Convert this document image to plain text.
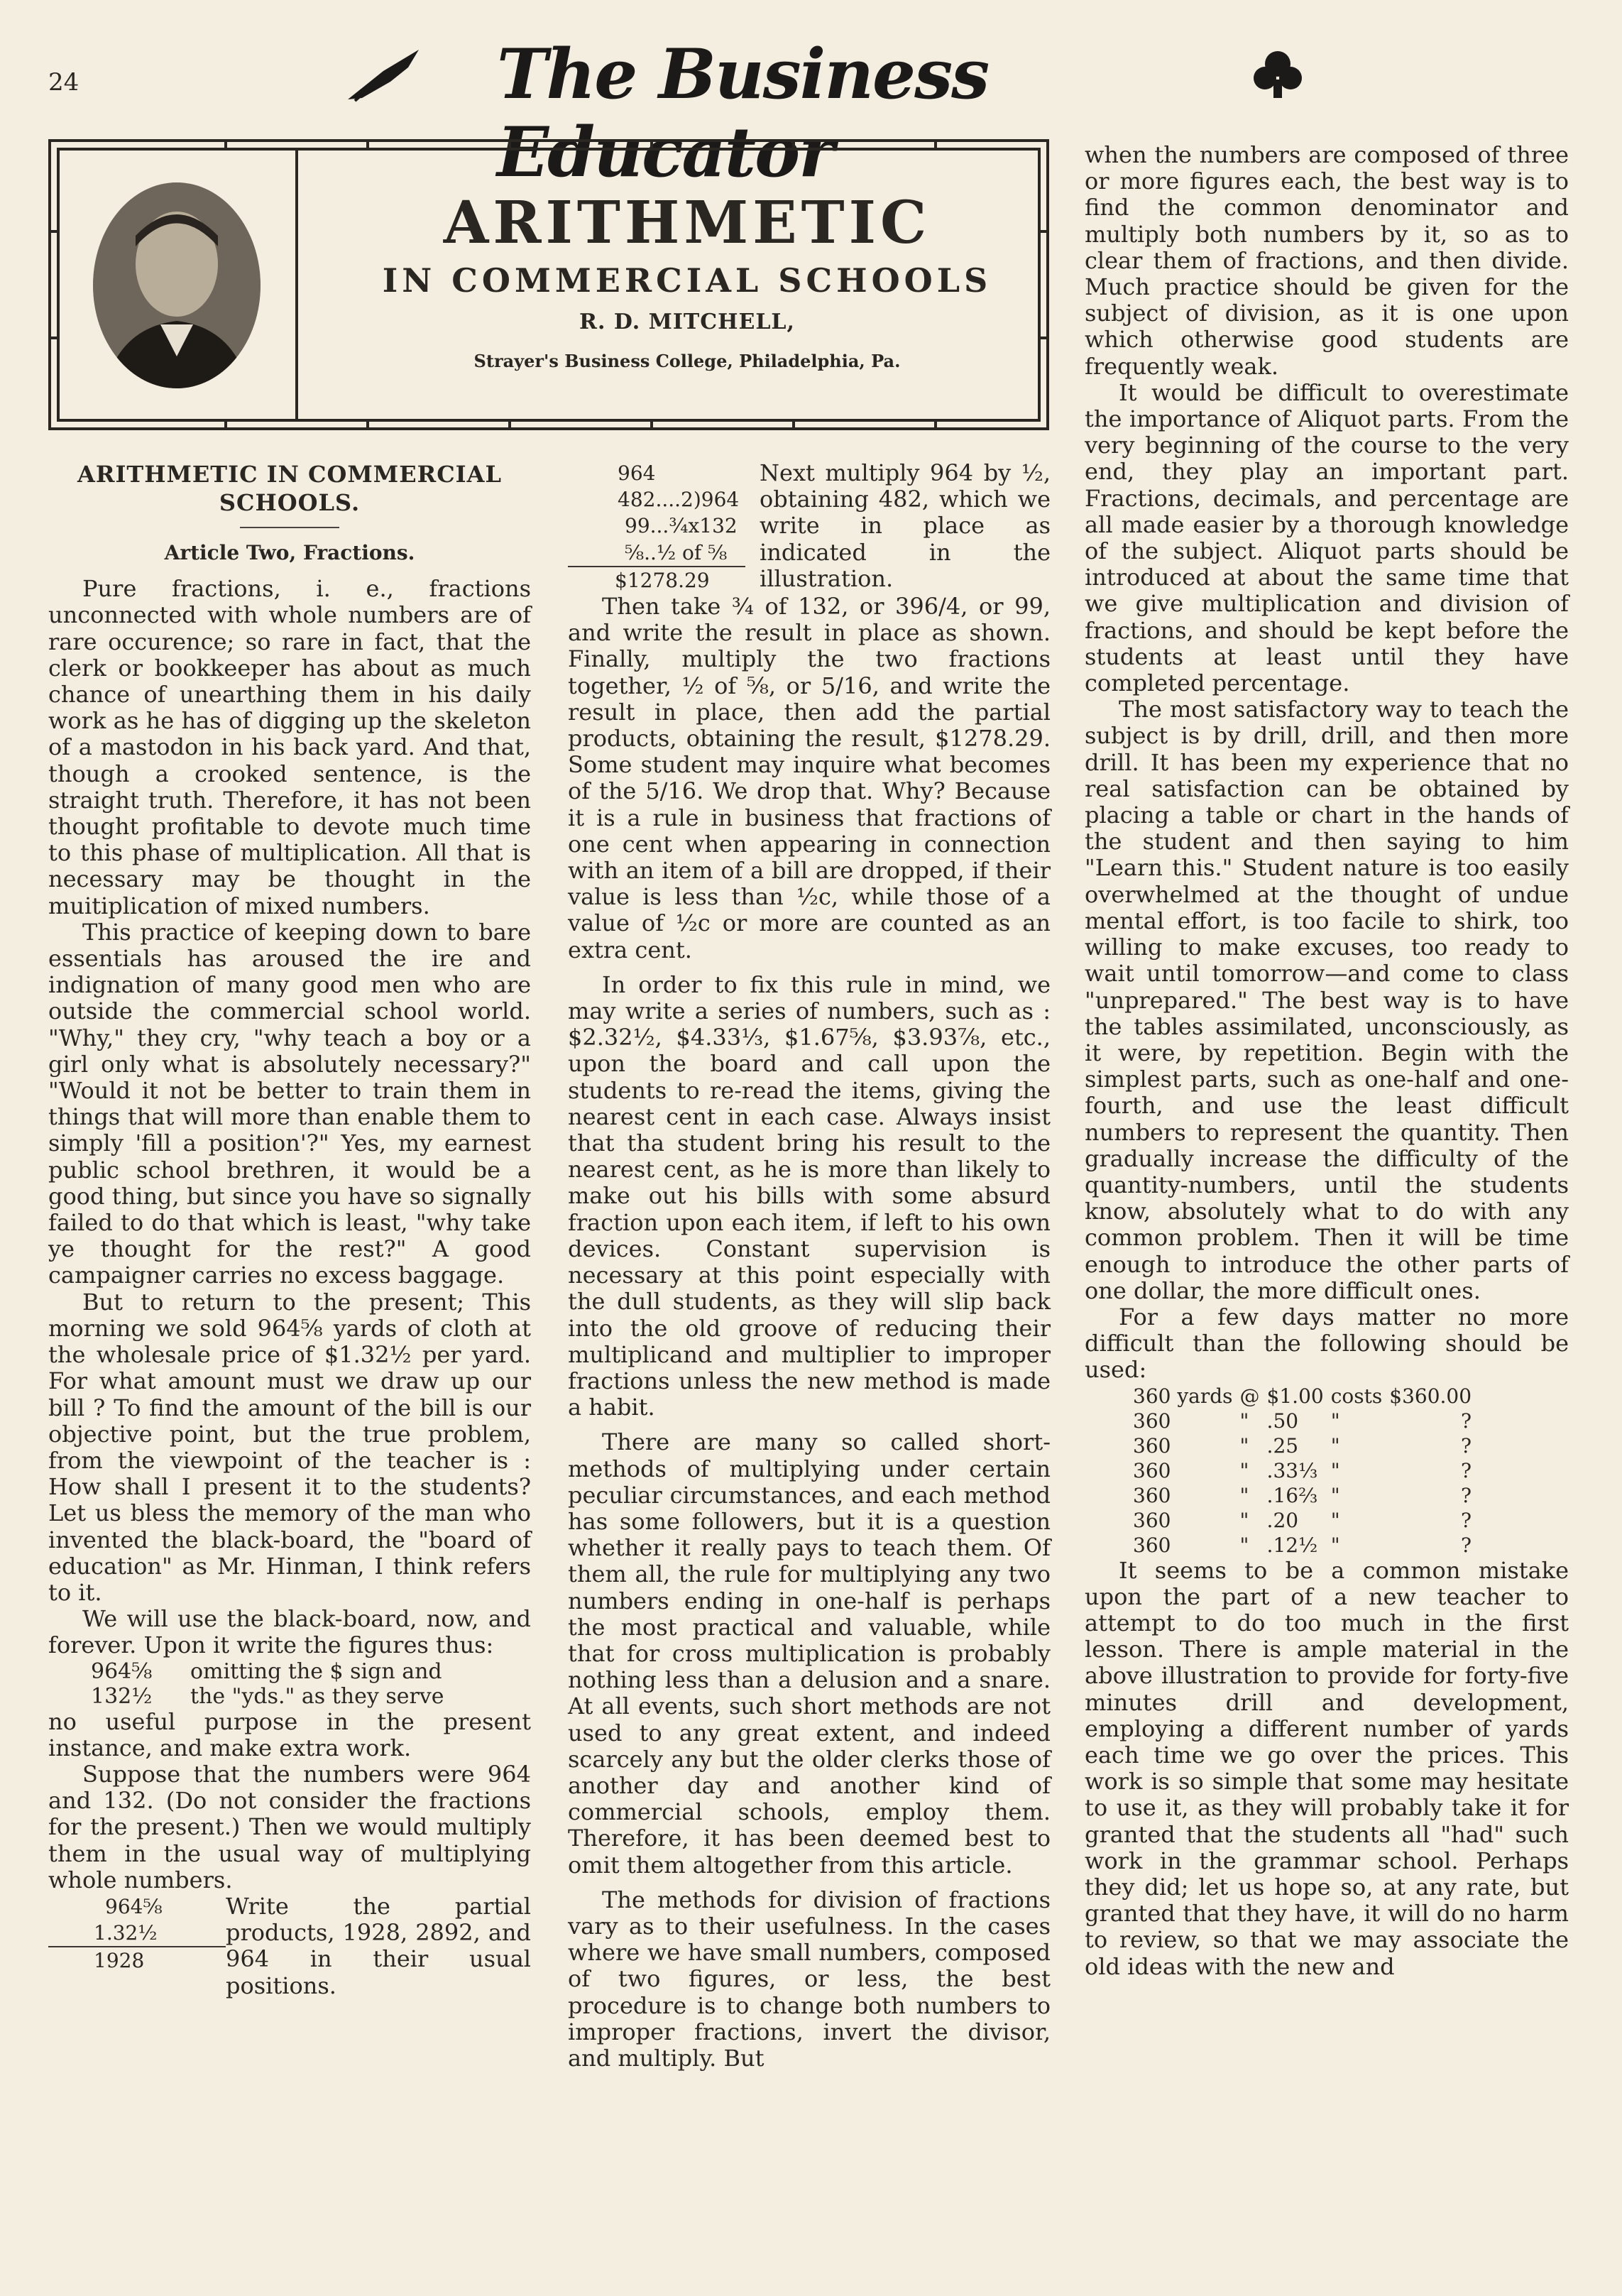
24	The Business Educator
ARITHMETIC
IN COMMERCIAL SCHOOLS
R. D. MITCHELL,
Strayer's Business College, Philadelphia, Pa.
ARITHMETIC IN COMMERCIAL SCHOOLS.
Article Two, Fractions.

Pure fractions, i. e., fractions unconnected with whole numbers are of rare occurence; so rare in fact, that the clerk or bookkeeper has about as much chance of unearthing them in his daily work as he has of digging up the skeleton of a mastodon in his back yard. And that, though a crooked sentence, is the straight truth. Therefore, it has not been thought profitable to devote much time to this phase of multiplication. All that is necessary may be thought in the muitiplication of mixed numbers.

This practice of keeping down to bare essentials has aroused the ire and indignation of many good men who are outside the commercial school world. "Why," they cry, "why teach a boy or a girl only what is absolutely necessary?" "Would it not be better to train them in things that will more than enable them to simply 'fill a position'?" Yes, my earnest public school brethren, it would be a good thing, but since you have so signally failed to do that which is least, "why take ye thought for the rest?" A good campaigner carries no excess baggage.

But to return to the present; This morning we sold 964⅝ yards of cloth at the wholesale price of $1.32½ per yard. For what amount must we draw up our bill ? To find the amount of the bill is our objective point, but the true problem, from the viewpoint of the teacher is : How shall I present it to the students? Let us bless the memory of the man who invented the black-board, the "board of education" as Mr. Hinman, I think refers to it.

We will use the black-board, now, and forever. Upon it write the figures thus:

964⅝	omitting the $ sign and
132½	the "yds." as they serve

no useful purpose in the present instance, and make extra work.

Suppose that the numbers were 964 and 132. (Do not consider the fractions for the present.) Then we would multiply them in the usual way of multiplying whole numbers.

964⅝
1.32½
1928
Write the partial products, 1928, 2892, and 964 in their usual positions.
964
482....2)964
99...¾x132
⅝..½ of ⅝
$1278.29
Next multiply 964 by ½, obtaining 482, which we write in place as indicated in the illustration.

Then take ¾ of 132, or 396/4, or 99, and write the result in place as shown. Finally, multiply the two fractions together, ½ of ⅝, or 5/16, and write the result in place, then add the partial products, obtaining the result, $1278.29. Some student may inquire what becomes of the 5/16. We drop that. Why? Because it is a rule in business that fractions of one cent when appearing in connection with an item of a bill are dropped, if their value is less than ½c, while those of a value of ½c or more are counted as an extra cent.

In order to fix this rule in mind, we may write a series of numbers, such as : $2.32½, $4.33⅓, $1.67⅝, $3.93⅞, etc., upon the board and call upon the students to re-read the items, giving the nearest cent in each case. Always insist that tha student bring his result to the nearest cent, as he is more than likely to make out his bills with some absurd fraction upon each item, if left to his own devices. Constant supervision is necessary at this point especially with the dull students, as they will slip back into the old groove of reducing their multiplicand and multiplier to improper fractions unless the new method is made a habit.

There are many so called short-methods of multiplying under certain peculiar circumstances, and each method has some followers, but it is a question whether it really pays to teach them. Of them all, the rule for multiplying any two numbers ending in one-half is perhaps the most practical and valuable, while that for cross multiplication is probably nothing less than a delusion and a snare. At all events, such short methods are not used to any great extent, and indeed scarcely any but the older clerks those of another day and another kind of commercial schools, employ them. Therefore, it has been deemed best to omit them altogether from this article.

The methods for division of fractions vary as to their usefulness. In the cases where we have small numbers, composed of two figures, or less, the best procedure is to change both numbers to improper fractions, invert the divisor, and multiply. But

when the numbers are composed of three or more figures each, the best way is to find the common denominator and multiply both numbers by it, so as to clear them of fractions, and then divide. Much practice should be given for the subject of division, as it is one upon which otherwise good students are frequently weak.

It would be difficult to overestimate the importance of Aliquot parts. From the very beginning of the course to the very end, they play an important part. Fractions, decimals, and percentage are all made easier by a thorough knowledge of the subject. Aliquot parts should be introduced at about the same time that we give multiplication and division of fractions, and should be kept before the students at least until they have completed percentage.

The most satisfactory way to teach the subject is by drill, drill, and then more drill. It has been my experience that no real satisfaction can be obtained by placing a table or chart in the hands of the student and then saying to him "Learn this." Student nature is too easily overwhelmed at the thought of undue mental effort, is too facile to shirk, too willing to make excuses, too ready to wait until tomorrow—and come to class "unprepared." The best way is to have the tables assimilated, unconsciously, as it were, by repetition. Begin with the simplest parts, such as one-half and one-fourth, and use the least difficult numbers to represent the quantity. Then gradually increase the difficulty of the quantity-numbers, until the students know, absolutely what to do with any common problem. Then it will be time enough to introduce the other parts of one dollar, the more difficult ones.

For a few days matter no more difficult than the following should be used:

360 yards	@	$1.00	costs	$360.00
360	"	.50	"	?
360	"	.25	"	?
360	"	.33⅓	"	?
360	"	.16⅔	"	?
360	"	.20	"	?
360	"	.12½	"	?

It seems to be a common mistake upon the part of a new teacher to attempt to do too much in the first lesson. There is ample material in the above illustration to provide for forty-five minutes drill and development, employing a different number of yards each time we go over the prices. This work is so simple that some may hesitate to use it, as they will probably take it for granted that the students all "had" such work in the grammar school. Perhaps they did; let us hope so, at any rate, but granted that they have, it will do no harm to review, so that we may associate the old ideas with the new and
